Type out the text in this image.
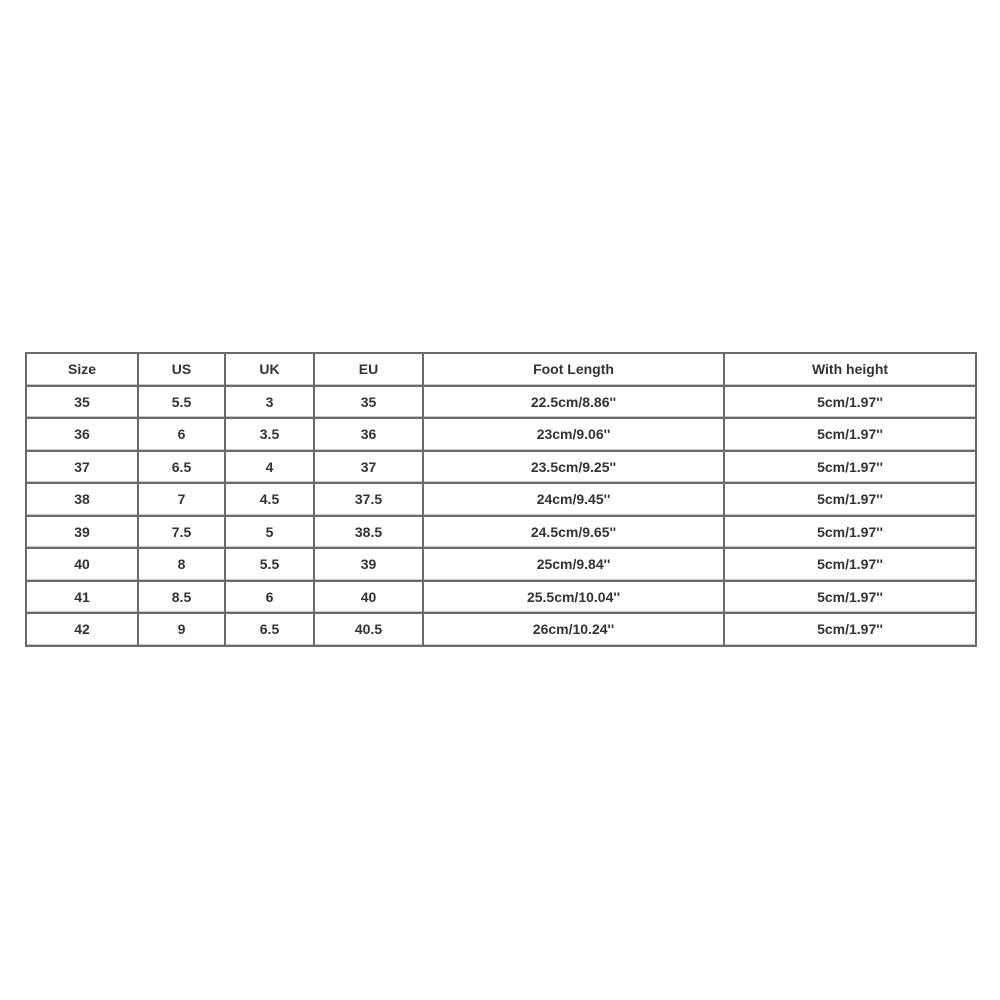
Size	US	UK	EU	Foot Length	With height
35	5.5	3	35	22.5cm/8.86''	5cm/1.97''
36	6	3.5	36	23cm/9.06''	5cm/1.97''
37	6.5	4	37	23.5cm/9.25''	5cm/1.97''
38	7	4.5	37.5	24cm/9.45''	5cm/1.97''
39	7.5	5	38.5	24.5cm/9.65''	5cm/1.97''
40	8	5.5	39	25cm/9.84''	5cm/1.97''
41	8.5	6	40	25.5cm/10.04''	5cm/1.97''
42	9	6.5	40.5	26cm/10.24''	5cm/1.97''
